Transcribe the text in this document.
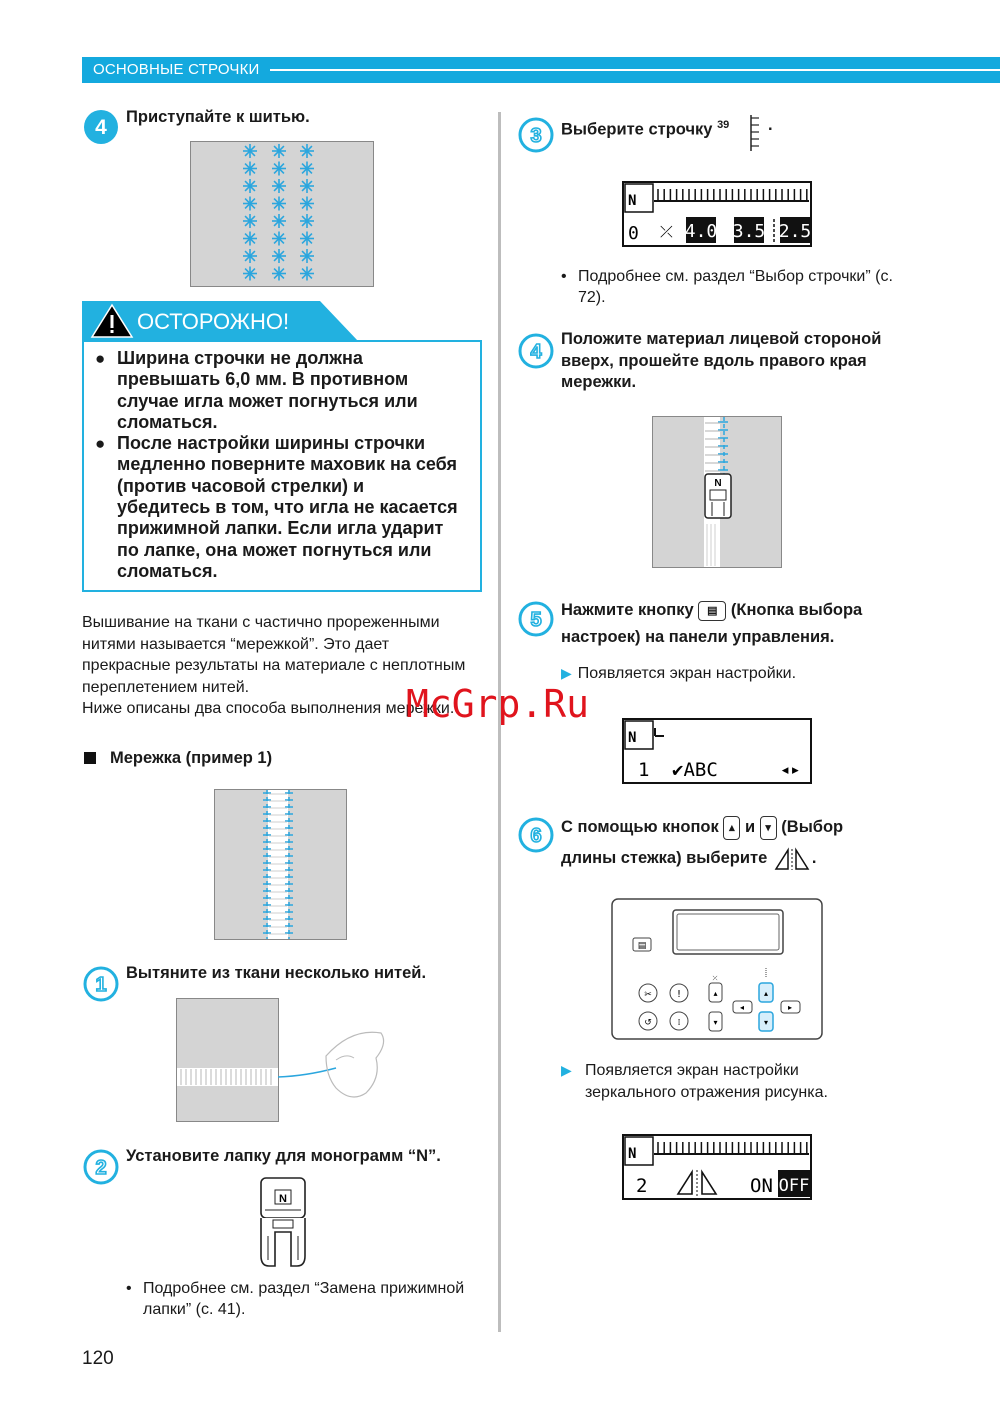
ОСНОВНЫЕ СТРОЧКИ
4 Приступайте к шитью.
ОСТОРОЖНО!
● Ширина строчки не должна превышать 6,0 мм. В противном случае игла может погнуться или сломаться.
● После настройки ширины строчки медленно поверните маховик на себя (против часовой стрелки) и убедитесь в том, что игла не касается прижимной лапки. Если игла ударит по лапке, она может погнуться или сломаться.
Вышивание на ткани с частично прореженными нитями называется “мережкой”. Это дает прекрасные результаты на материале с неплотным переплетением нитей.
Ниже описаны два способа выполнения мережки.
Мережка (пример 1)
1
Вытяните из ткани несколько нитей.
2
Установите лапку для монограмм “N”.
N
• Подробнее см. раздел “Замена прижимной лапки” (с. 41).
120
3 Выберите строчку $^{39}$ .
N
0 ⤫ 4.0 3.5 2.5
• Подробнее см. раздел “Выбор строчки” (с. 72).
4
Положите материал лицевой стороной вверх, прошейте вдоль правого края мережки.
N
5 Нажмите кнопку ▤ (Кнопка выбора настроек) на панели управления.
▶ Появляется экран настройки.
N
1 ✔ABC	◂▸
McGrp.Ru
6 С помощью кнопок ▴ и ▾ (Выбор
длины стежка) выберите	.
▤
✂	!
↺	⁞
▴
▾
◂
▴
▾
▸
⤫
▶ Появляется экран настройки зеркального отражения рисунка.
N
2	ON OFF
